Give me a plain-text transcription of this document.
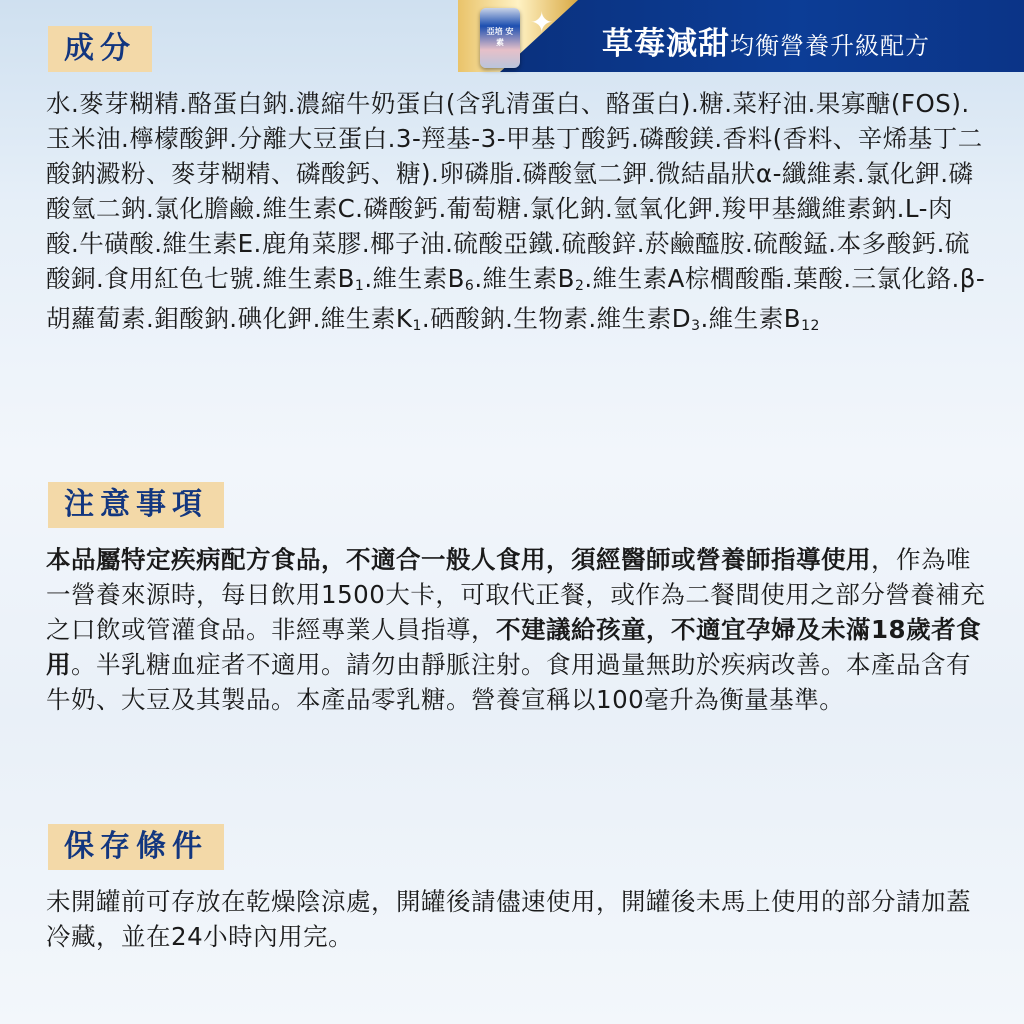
亞培 安素
✦
草莓減甜均衡營養升級配方
成分
水.麥芽糊精.酪蛋白鈉.濃縮牛奶蛋白(含乳清蛋白、酪蛋白).糖.菜籽油.果寡醣(FOS).玉米油.檸檬酸鉀.分離大豆蛋白.3-羥基-3-甲基丁酸鈣.磷酸鎂.香料(香料、辛烯基丁二酸鈉澱粉、麥芽糊精、磷酸鈣、糖).卵磷脂.磷酸氫二鉀.微結晶狀α-纖維素.氯化鉀.磷酸氫二鈉.氯化膽鹼.維生素C.磷酸鈣.葡萄糖.氯化鈉.氫氧化鉀.羧甲基纖維素鈉.L-肉酸.牛磺酸.維生素E.鹿角菜膠.椰子油.硫酸亞鐵.硫酸鋅.菸鹼醯胺.硫酸錳.本多酸鈣.硫酸銅.食用紅色七號.維生素$B_1$.維生素$B_6$.維生素$B_2$.維生素A棕櫚酸酯.葉酸.三氯化鉻.β-胡蘿蔔素.鉬酸鈉.碘化鉀.維生素$K_1$.硒酸鈉.生物素.維生素$D_3$.維生素$B_{12}$
注意事項
本品屬特定疾病配方食品，不適合一般人食用，須經醫師或營養師指導使用，作為唯一營養來源時，每日飲用1500大卡，可取代正餐，或作為二餐間使用之部分營養補充之口飲或管灌食品。非經專業人員指導，不建議給孩童，不適宜孕婦及未滿18歲者食用。半乳糖血症者不適用。請勿由靜脈注射。食用過量無助於疾病改善。本產品含有牛奶、大豆及其製品。本產品零乳糖。營養宣稱以100毫升為衡量基準。
保存條件
未開罐前可存放在乾燥陰涼處，開罐後請儘速使用，開罐後未馬上使用的部分請加蓋冷藏，並在24小時內用完。
